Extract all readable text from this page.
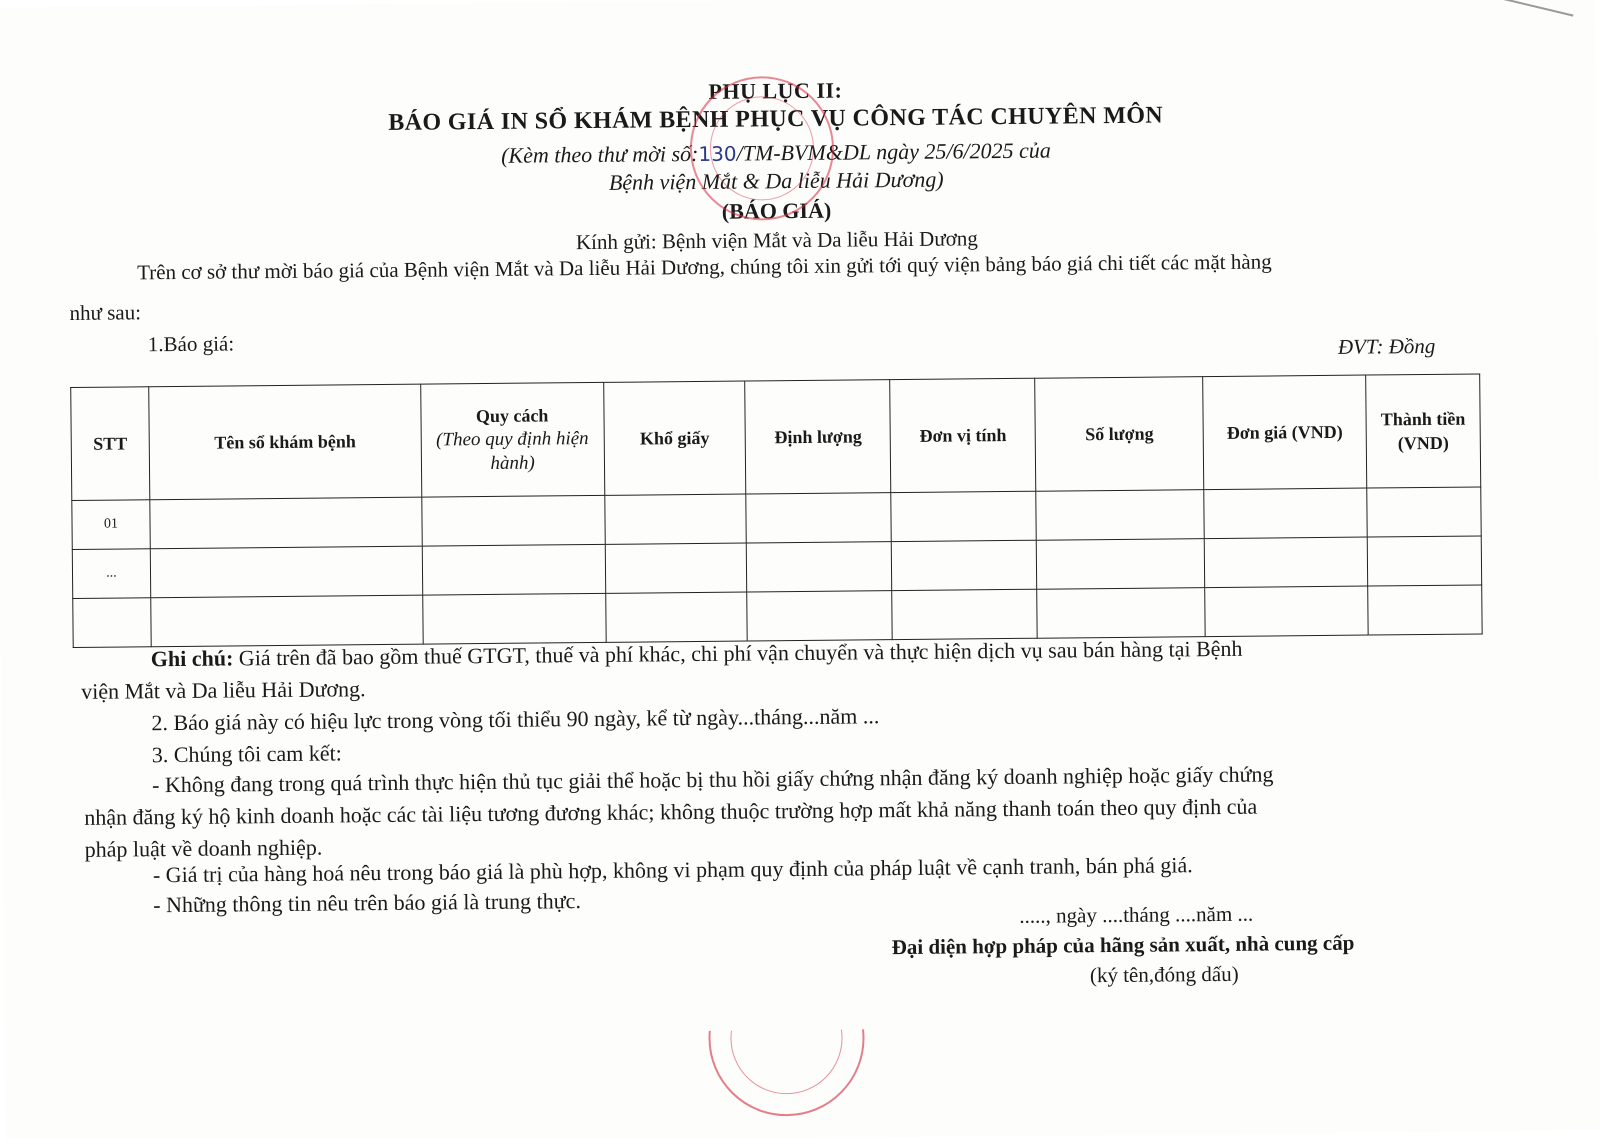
PHỤ LỤC II:
BÁO GIÁ IN SỔ KHÁM BỆNH PHỤC VỤ CÔNG TÁC CHUYÊN MÔN
(Kèm theo thư mời số:130/TM-BVM&DL ngày 25/6/2025 của
Bệnh viện Mắt & Da liễu Hải Dương)
(BÁO GIÁ)
Kính gửi: Bệnh viện Mắt và Da liễu Hải Dương
Trên cơ sở thư mời báo giá của Bệnh viện Mắt và Da liễu Hải Dương, chúng tôi xin gửi tới quý viện bảng báo giá chi tiết các mặt hàng
như sau:
1.Báo giá:	ĐVT: Đồng
STT	Tên sổ khám bệnh	Quy cách
(Theo quy định hiện hành)	Khổ giấy	Định lượng	Đơn vị tính	Số lượng	Đơn giá (VND)	Thành tiền (VND)
01								
...								

Ghi chú: Giá trên đã bao gồm thuế GTGT, thuế và phí khác, chi phí vận chuyển và thực hiện dịch vụ sau bán hàng tại Bệnh
viện Mắt và Da liễu Hải Dương.
2. Báo giá này có hiệu lực trong vòng tối thiểu 90 ngày, kể từ ngày...tháng...năm ...
3. Chúng tôi cam kết:
- Không đang trong quá trình thực hiện thủ tục giải thể hoặc bị thu hồi giấy chứng nhận đăng ký doanh nghiệp hoặc giấy chứng
nhận đăng ký hộ kinh doanh hoặc các tài liệu tương đương khác; không thuộc trường hợp mất khả năng thanh toán theo quy định của
pháp luật về doanh nghiệp.
- Giá trị của hàng hoá nêu trong báo giá là phù hợp, không vi phạm quy định của pháp luật về cạnh tranh, bán phá giá.
- Những thông tin nêu trên báo giá là trung thực.	....., ngày ....tháng ....năm ...
Đại diện hợp pháp của hãng sản xuất, nhà cung cấp
(ký tên,đóng dấu)
